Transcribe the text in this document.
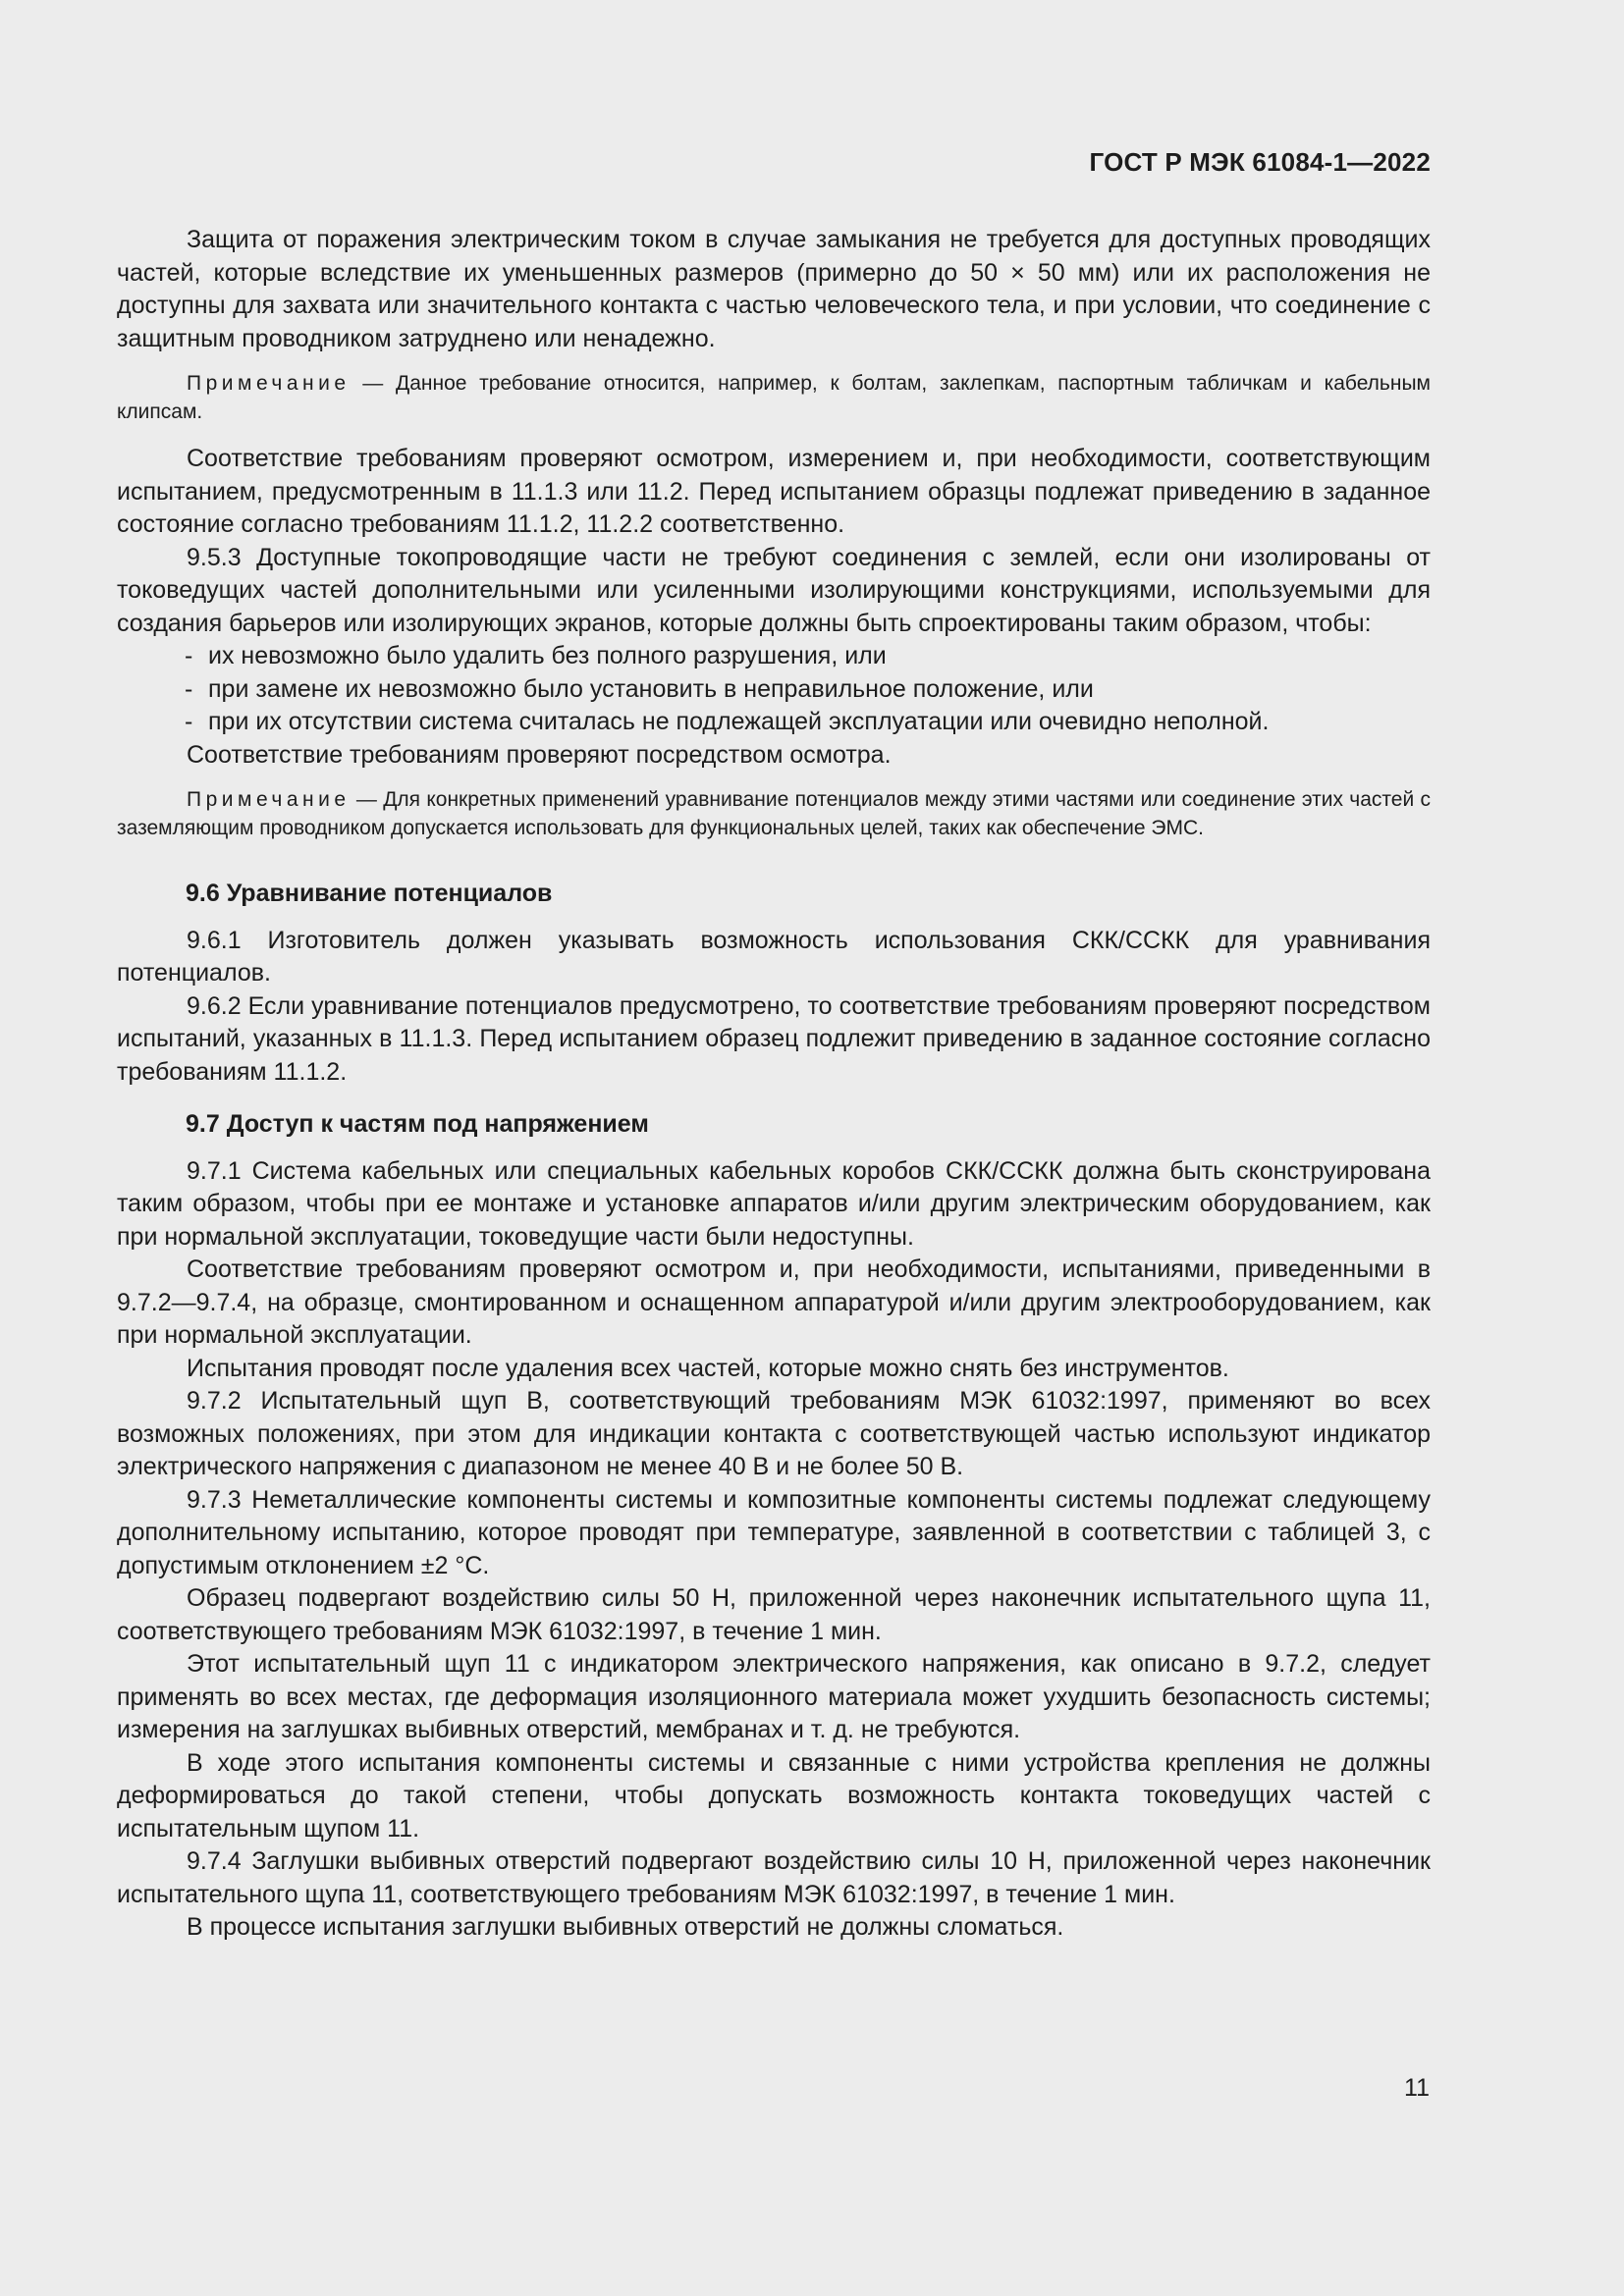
ГОСТ Р МЭК 61084-1—2022

Защита от поражения электрическим током в случае замыкания не требуется для доступных проводящих частей, которые вследствие их уменьшенных размеров (примерно до 50 × 50 мм) или их расположения не доступны для захвата или значительного контакта с частью человеческого тела, и при условии, что соединение с защитным проводником затруднено или ненадежно.

Примечание — Данное требование относится, например, к болтам, заклепкам, паспортным табличкам и кабельным клипсам.

Соответствие требованиям проверяют осмотром, измерением и, при необходимости, соответствующим испытанием, предусмотренным в 11.1.3 или 11.2. Перед испытанием образцы подлежат приведению в заданное состояние согласно требованиям 11.1.2, 11.2.2 соответственно.

9.5.3 Доступные токопроводящие части не требуют соединения с землей, если они изолированы от токоведущих частей дополнительными или усиленными изолирующими конструкциями, используемыми для создания барьеров или изолирующих экранов, которые должны быть спроектированы таким образом, чтобы:

- их невозможно было удалить без полного разрушения, или

- при замене их невозможно было установить в неправильное положение, или

- при их отсутствии система считалась не подлежащей эксплуатации или очевидно неполной.

Соответствие требованиям проверяют посредством осмотра.

Примечание — Для конкретных применений уравнивание потенциалов между этими частями или соединение этих частей с заземляющим проводником допускается использовать для функциональных целей, таких как обеспечение ЭМС.

9.6 Уравнивание потенциалов

9.6.1 Изготовитель должен указывать возможность использования СКК/ССКК для уравнивания потенциалов.

9.6.2 Если уравнивание потенциалов предусмотрено, то соответствие требованиям проверяют посредством испытаний, указанных в 11.1.3. Перед испытанием образец подлежит приведению в заданное состояние согласно требованиям 11.1.2.

9.7 Доступ к частям под напряжением

9.7.1 Система кабельных или специальных кабельных коробов СКК/ССКК должна быть сконструирована таким образом, чтобы при ее монтаже и установке аппаратов и/или другим электрическим оборудованием, как при нормальной эксплуатации, токоведущие части были недоступны.

Соответствие требованиям проверяют осмотром и, при необходимости, испытаниями, приведенными в 9.7.2—9.7.4, на образце, смонтированном и оснащенном аппаратурой и/или другим электрооборудованием, как при нормальной эксплуатации.

Испытания проводят после удаления всех частей, которые можно снять без инструментов.

9.7.2 Испытательный щуп В, соответствующий требованиям МЭК 61032:1997, применяют во всех возможных положениях, при этом для индикации контакта с соответствующей частью используют индикатор электрического напряжения с диапазоном не менее 40 В и не более 50 В.

9.7.3 Неметаллические компоненты системы и композитные компоненты системы подлежат следующему дополнительному испытанию, которое проводят при температуре, заявленной в соответствии с таблицей 3, с допустимым отклонением ±2 °С.

Образец подвергают воздействию силы 50 Н, приложенной через наконечник испытательного щупа 11, соответствующего требованиям МЭК 61032:1997, в течение 1 мин.

Этот испытательный щуп 11 с индикатором электрического напряжения, как описано в 9.7.2, следует применять во всех местах, где деформация изоляционного материала может ухудшить безопасность системы; измерения на заглушках выбивных отверстий, мембранах и т. д. не требуются.

В ходе этого испытания компоненты системы и связанные с ними устройства крепления не должны деформироваться до такой степени, чтобы допускать возможность контакта токоведущих частей с испытательным щупом 11.

9.7.4 Заглушки выбивных отверстий подвергают воздействию силы 10 Н, приложенной через наконечник испытательного щупа 11, соответствующего требованиям МЭК 61032:1997, в течение 1 мин.

В процессе испытания заглушки выбивных отверстий не должны сломаться.

11
